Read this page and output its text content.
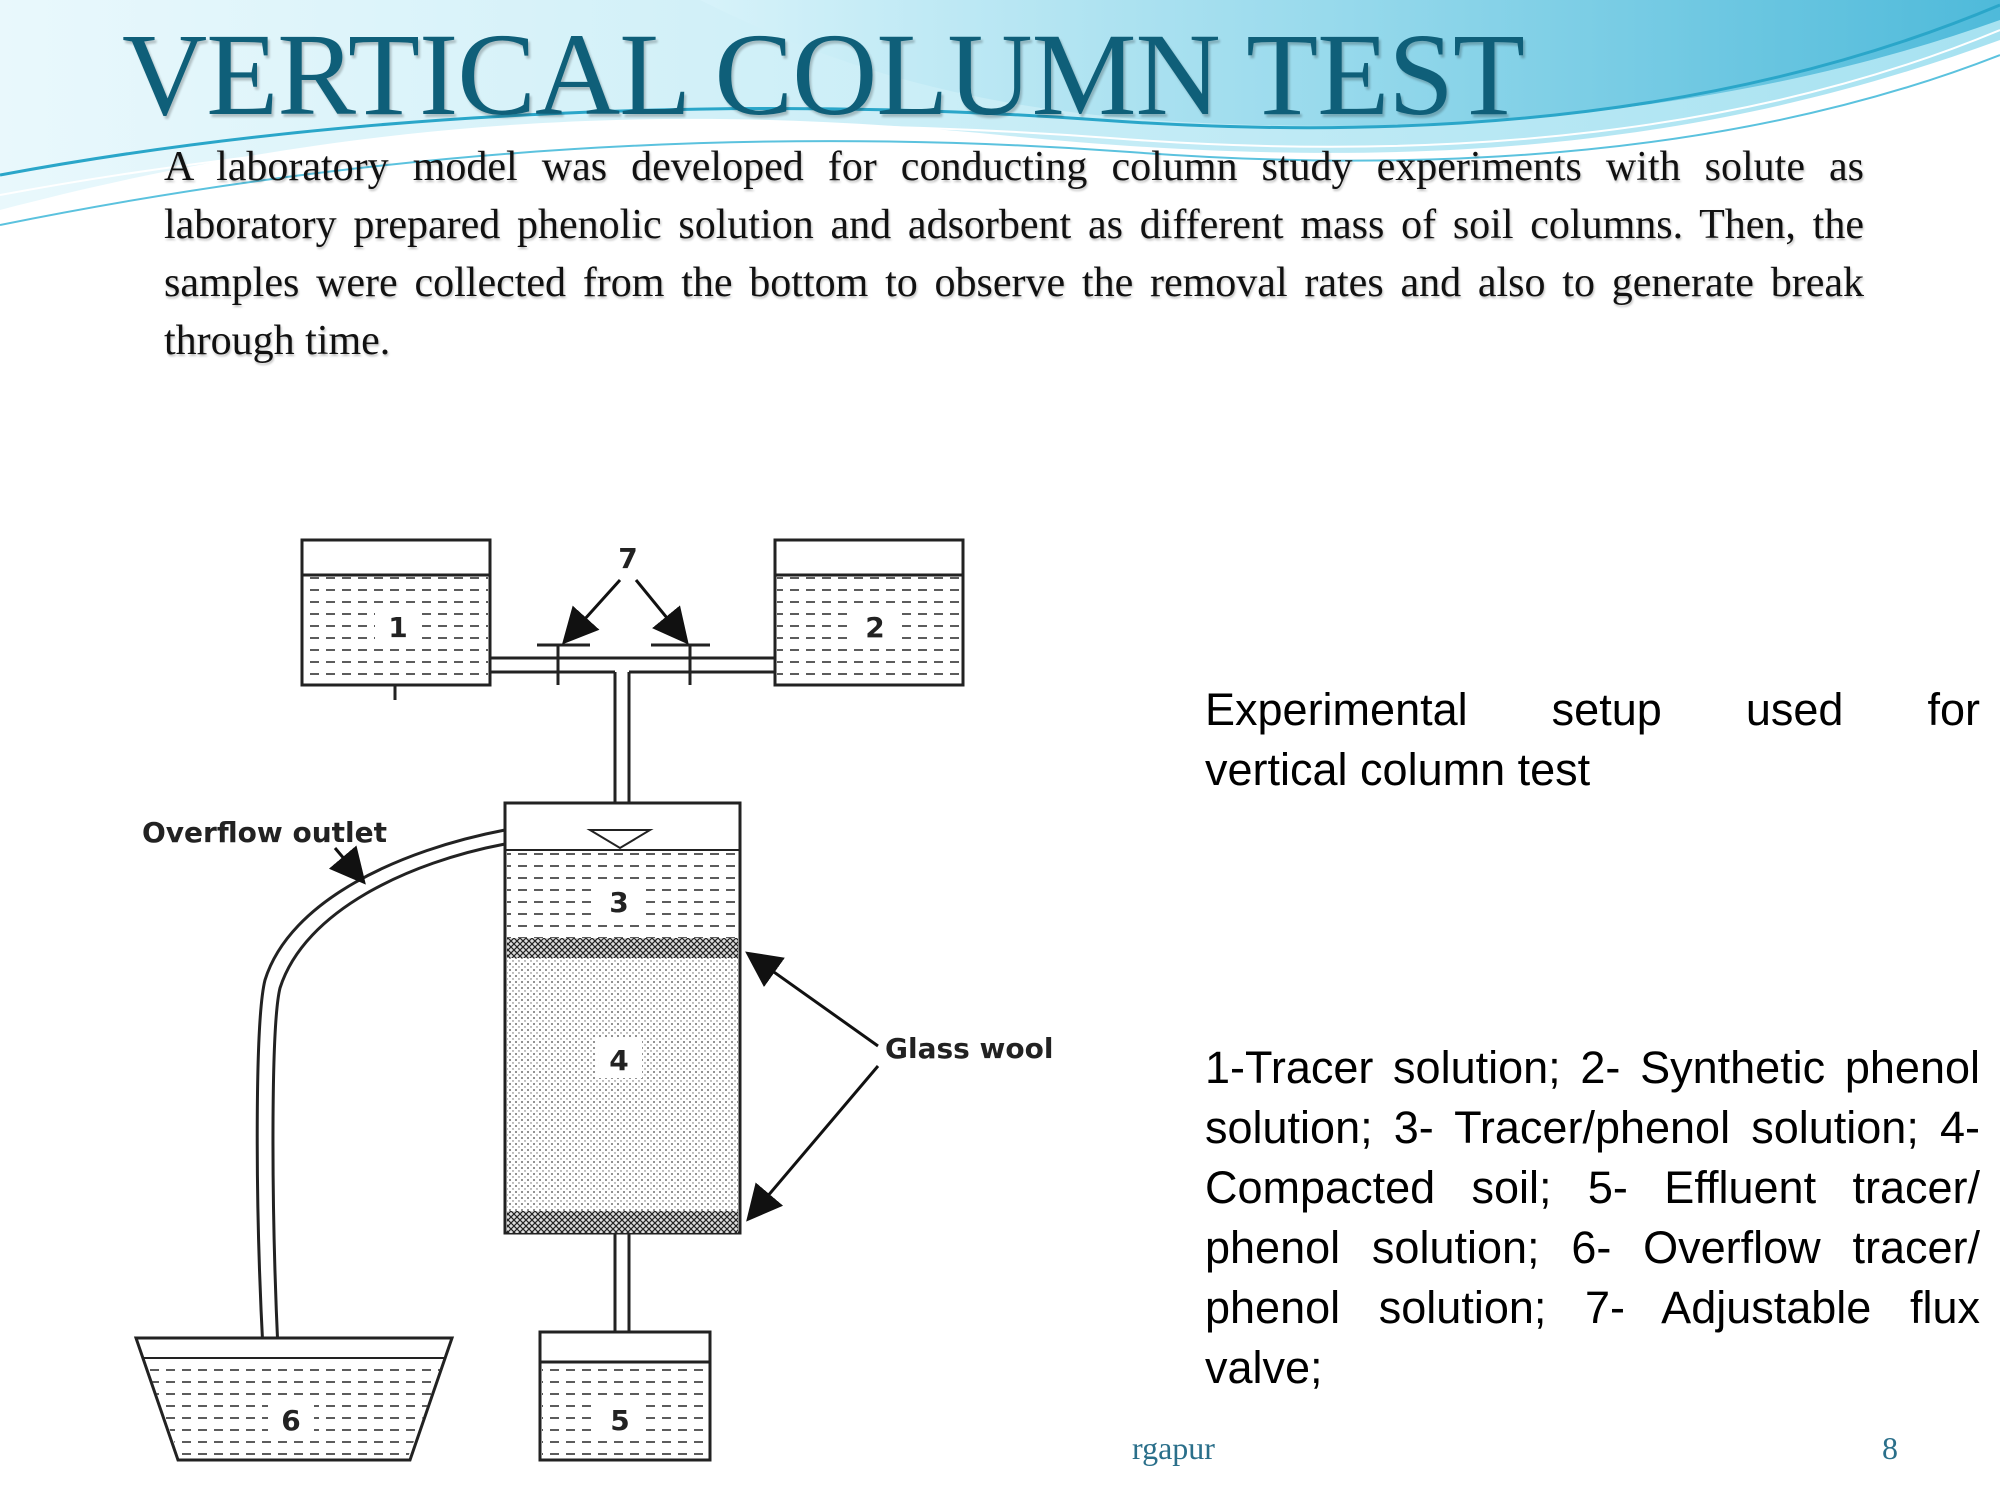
VERTICAL COLUMN TEST

A laboratory model was developed for conducting column study experiments with solute as laboratory prepared phenolic solution and adsorbent as different mass of soil columns. Then, the samples were collected from the bottom to observe the removal rates and also to generate break through time.

1	2
7
3
4
5
Overflow outlet
6
Glass wool

Experimental setup used for

vertical column test

1-Tracer solution; 2- Synthetic phenol solution; 3- Tracer/phenol solution; 4- Compacted soil; 5- Effluent tracer/ phenol solution; 6- Overflow tracer/ phenol solution; 7- Adjustable flux valve;

rgapur	8
